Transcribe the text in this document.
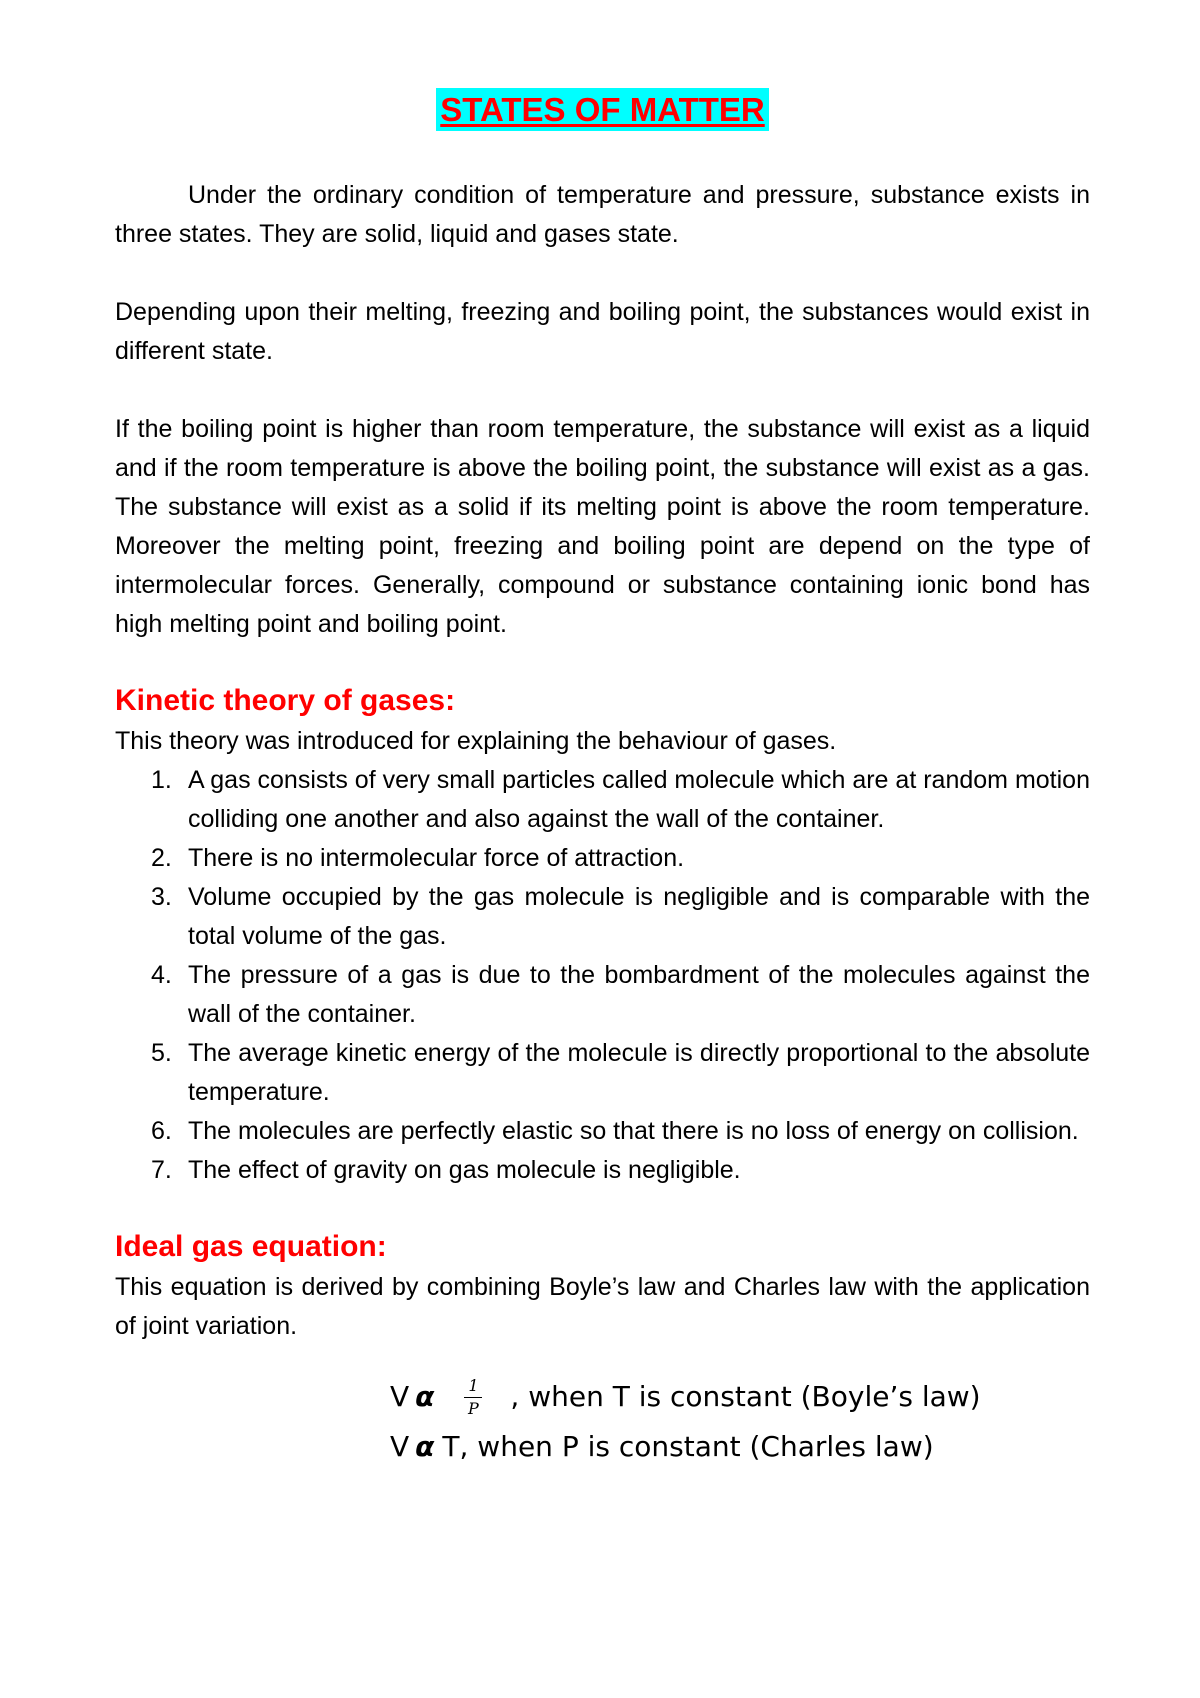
STATES OF MATTER

Under the ordinary condition of temperature and pressure, substance exists in three states. They are solid, liquid and gases state.

Depending upon their melting, freezing and boiling point, the substances would exist in different state.

If the boiling point is higher than room temperature, the substance will exist as a liquid and if the room temperature is above the boiling point, the substance will exist as a gas. The substance will exist as a solid if its melting point is above the room temperature. Moreover the melting point, freezing and boiling point are depend on the type of intermolecular forces. Generally, compound or substance containing ionic bond has high melting point and boiling point.

Kinetic theory of gases:

This theory was introduced for explaining the behaviour of gases.

1. A gas consists of very small particles called molecule which are at random motion colliding one another and also against the wall of the container.
2. There is no intermolecular force of attraction.
3. Volume occupied by the gas molecule is negligible and is comparable with the total volume of the gas.
4. The pressure of a gas is due to the bombardment of the molecules against the wall of the container.
5. The average kinetic energy of the molecule is directly proportional to the absolute temperature.
6. The molecules are perfectly elastic so that there is no loss of energy on collision.
7. The effect of gravity on gas molecule is negligible.
Ideal gas equation:

This equation is derived by combining Boyle’s law and Charles law with the application of joint variation.

V α $\frac{1}{P}$ , when T is constant (Boyle’s law)
V α T, when P is constant (Charles law)
